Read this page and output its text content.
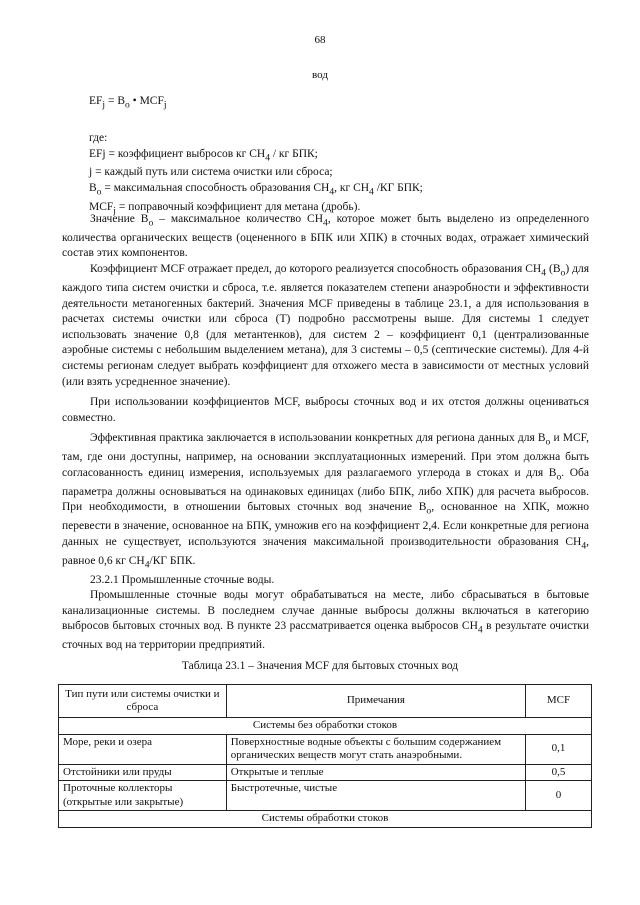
68
вод
$EF_j = B_o$ • $MCF_j$
где:
EFj = коэффициент выбросов кг $CH_4$ / кг БПК;
j = каждый путь или система очистки или сброса;
$B_o$ = максимальная способность образования $CH_4$, кг $CH_4$ /КГ БПК;
$MCF_j$ = поправочный коэффициент для метана (дробь).

Значение $B_o$ – максимальное количество $CH_4$, которое может быть выделено из определенного количества органических веществ (оцененного в БПК или ХПК) в сточных водах, отражает химический состав этих компонентов.

Коэффициент MCF отражает предел, до которого реализуется способность образования $CH_4$ $(B_o)$ для каждого типа систем очистки и сброса, т.е. является показателем степени анаэробности и эффективности деятельности метаногенных бактерий. Значения MCF приведены в таблице 23.1, а для использования в расчетах системы очистки или сброса (Т) подробно рассмотрены выше. Для системы 1 следует использовать значение 0,8 (для метантенков), для систем 2 – коэффициент 0,1 (централизованные аэробные системы с небольшим выделением метана), для 3 системы – 0,5 (септические системы). Для 4-й системы регионам следует выбрать коэффициент для отхожего места в зависимости от местных условий (или взять усредненное значение).

При использовании коэффициентов MCF, выбросы сточных вод и их отстоя должны оцениваться совместно.

Эффективная практика заключается в использовании конкретных для региона данных для $B_o$ и MCF, там, где они доступны, например, на основании эксплуатационных измерений. При этом должна быть согласованность единиц измерения, используемых для разлагаемого углерода в стоках и для $B_o$. Оба параметра должны основываться на одинаковых единицах (либо БПК, либо ХПК) для расчета выбросов. При необходимости, в отношении бытовых сточных вод значение $B_o$, основанное на ХПК, можно перевести в значение, основанное на БПК, умножив его на коэффициент 2,4. Если конкретные для региона данных не существует, используются значения максимальной производительности образования $CH_4$, равное 0,6 кг $CH_4/КГ$ БПК.

23.2.1 Промышленные сточные воды.

Промышленные сточные воды могут обрабатываться на месте, либо сбрасываться в бытовые канализационные системы. В последнем случае данные выбросы должны включаться в категорию выбросов бытовых сточных вод. В пункте 23 рассматривается оценка выбросов $CH_4$ в результате очистки сточных вод на территории предприятий.

Таблица 23.1 – Значения MCF для бытовых сточных вод
Тип пути или системы очистки и сброса	Примечания	MCF
Системы без обработки стоков		
Море, реки и озера	Поверхностные водные объекты с большим содержанием органических веществ могут стать анаэробными.	0,1
Отстойники или пруды	Открытые и теплые	0,5
Проточные коллекторы (открытые или закрытые)	Быстротечные, чистые	0
Системы обработки стоков		
